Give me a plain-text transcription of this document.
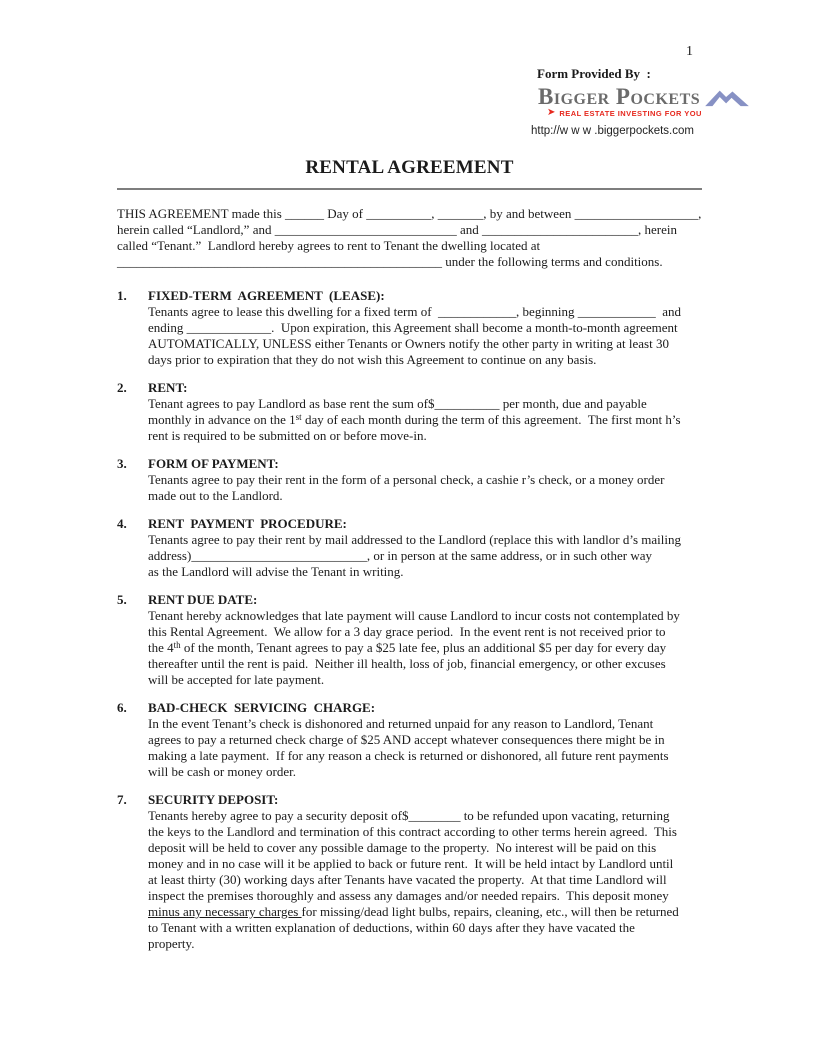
1
Form Provided By  :
Bigger Pockets
➤ REAL ESTATE INVESTING FOR YOU
http://w w w .biggerpockets.com
RENTAL AGREEMENT

THIS AGREEMENT made this ______ Day of __________, _______, by and between ___________________,
herein called “Landlord,” and ____________________________ and ________________________, herein
called “Tenant.”  Landlord hereby agrees to rent to Tenant the dwelling located at
__________________________________________________ under the following terms and conditions.

1.	FIXED-TERM  AGREEMENT  (LEASE):
Tenants agree to lease this dwelling for a fixed term of  ____________, beginning ____________  and
ending _____________.  Upon expiration, this Agreement shall become a month-to-month agreement
AUTOMATICALLY, UNLESS either Tenants or Owners notify the other party in writing at least 30
days prior to expiration that they do not wish this Agreement to continue on any basis.
2.	RENT:
Tenant agrees to pay Landlord as base rent the sum of$__________ per month, due and payable
monthly in advance on the 1st day of each month during the term of this agreement.  The first mont h’s
rent is required to be submitted on or before move-in.
3.	FORM OF PAYMENT:
Tenants agree to pay their rent in the form of a personal check, a cashie r’s check, or a money order
made out to the Landlord.
4.	RENT  PAYMENT  PROCEDURE:
Tenants agree to pay their rent by mail addressed to the Landlord (replace this with landlor d’s mailing
address)___________________________, or in person at the same address, or in such other way
as the Landlord will advise the Tenant in writing.
5.	RENT DUE DATE:
Tenant hereby acknowledges that late payment will cause Landlord to incur costs not contemplated by
this Rental Agreement.  We allow for a 3 day grace period.  In the event rent is not received prior to
the 4th of the month, Tenant agrees to pay a $25 late fee, plus an additional $5 per day for every day
thereafter until the rent is paid.  Neither ill health, loss of job, financial emergency, or other excuses
will be accepted for late payment.
6.	BAD-CHECK  SERVICING  CHARGE:
In the event Tenant’s check is dishonored and returned unpaid for any reason to Landlord, Tenant
agrees to pay a returned check charge of $25 AND accept whatever consequences there might be in
making a late payment.  If for any reason a check is returned or dishonored, all future rent payments
will be cash or money order.
7.	SECURITY DEPOSIT:
Tenants hereby agree to pay a security deposit of$________ to be refunded upon vacating, returning
the keys to the Landlord and termination of this contract according to other terms herein agreed.  This
deposit will be held to cover any possible damage to the property.  No interest will be paid on this
money and in no case will it be applied to back or future rent.  It will be held intact by Landlord until
at least thirty (30) working days after Tenants have vacated the property.  At that time Landlord will
inspect the premises thoroughly and assess any damages and/or needed repairs.  This deposit money
minus any necessary charges for missing/dead light bulbs, repairs, cleaning, etc., will then be returned
to Tenant with a written explanation of deductions, within 60 days after they have vacated the
property.
